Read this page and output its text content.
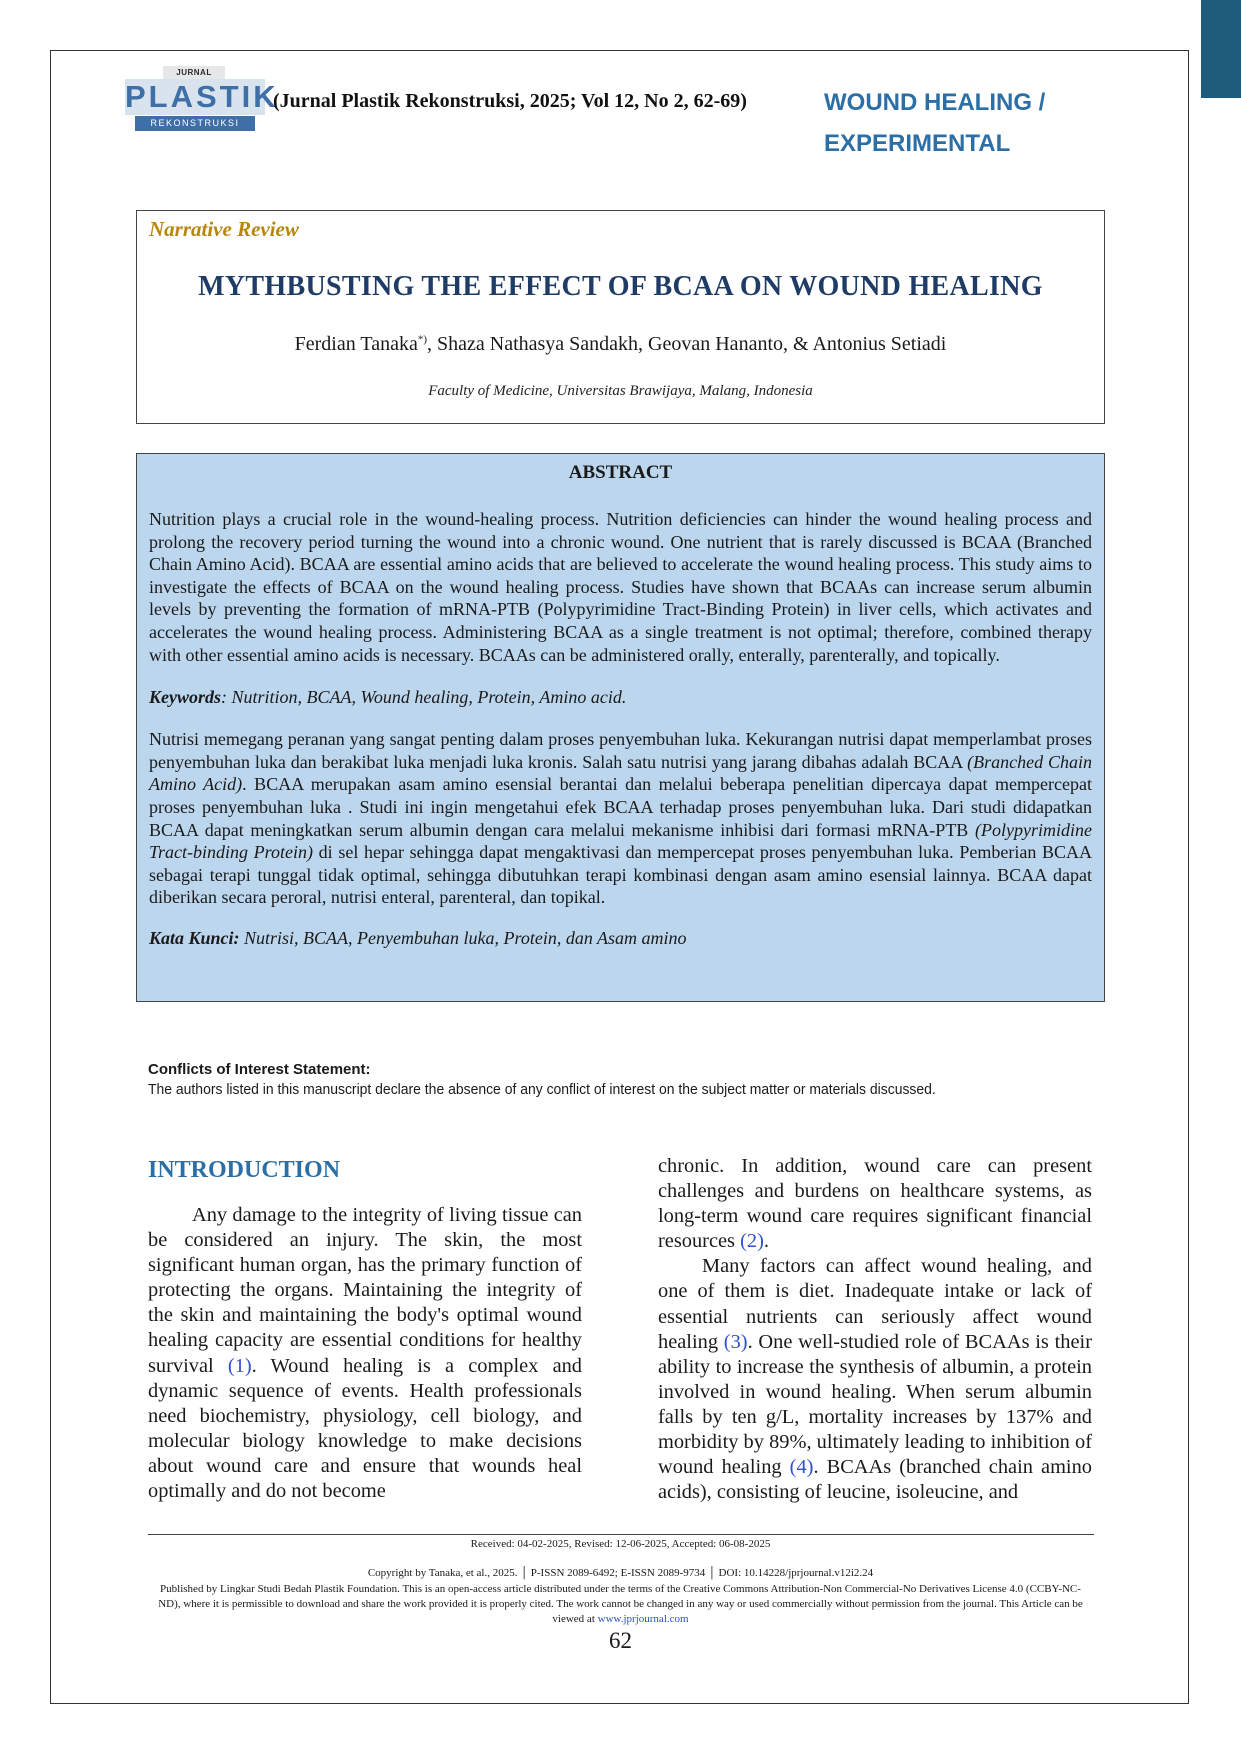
JURNAL
PLASTIK
REKONSTRUKSI
(Jurnal Plastik Rekonstruksi, 2025; Vol 12, No 2, 62-69)	WOUND HEALING /
EXPERIMENTAL
Narrative Review
MYTHBUSTING THE EFFECT OF BCAA ON WOUND HEALING
Ferdian Tanaka*), Shaza Nathasya Sandakh, Geovan Hananto, & Antonius Setiadi
Faculty of Medicine, Universitas Brawijaya, Malang, Indonesia
ABSTRACT

Nutrition plays a crucial role in the wound-healing process. Nutrition deficiencies can hinder the wound healing process and prolong the recovery period turning the wound into a chronic wound. One nutrient that is rarely discussed is BCAA (Branched Chain Amino Acid). BCAA are essential amino acids that are believed to accelerate the wound healing process. This study aims to investigate the effects of BCAA on the wound healing process. Studies have shown that BCAAs can increase serum albumin levels by preventing the formation of mRNA-PTB (Polypyrimidine Tract-Binding Protein) in liver cells, which activates and accelerates the wound healing process. Administering BCAA as a single treatment is not optimal; therefore, combined therapy with other essential amino acids is necessary. BCAAs can be administered orally, enterally, parenterally, and topically.

Keywords: Nutrition, BCAA, Wound healing, Protein, Amino acid.

Nutrisi memegang peranan yang sangat penting dalam proses penyembuhan luka. Kekurangan nutrisi dapat memperlambat proses penyembuhan luka dan berakibat luka menjadi luka kronis. Salah satu nutrisi yang jarang dibahas adalah BCAA (Branched Chain Amino Acid). BCAA merupakan asam amino esensial berantai dan melalui beberapa penelitian dipercaya dapat mempercepat proses penyembuhan luka . Studi ini ingin mengetahui efek BCAA terhadap proses penyembuhan luka. Dari studi didapatkan BCAA dapat meningkatkan serum albumin dengan cara melalui mekanisme inhibisi dari formasi mRNA-PTB (Polypyrimidine Tract-binding Protein) di sel hepar sehingga dapat mengaktivasi dan mempercepat proses penyembuhan luka. Pemberian BCAA sebagai terapi tunggal tidak optimal, sehingga dibutuhkan terapi kombinasi dengan asam amino esensial lainnya. BCAA dapat diberikan secara peroral, nutrisi enteral, parenteral, dan topikal.

Kata Kunci: Nutrisi, BCAA, Penyembuhan luka, Protein, dan Asam amino
Conflicts of Interest Statement:
The authors listed in this manuscript declare the absence of any conflict of interest on the subject matter or materials discussed.
INTRODUCTION

Any damage to the integrity of living tissue can be considered an injury. The skin, the most significant human organ, has the primary function of protecting the organs. Maintaining the integrity of the skin and maintaining the body's optimal wound healing capacity are essential conditions for healthy survival (1). Wound healing is a complex and dynamic sequence of events. Health professionals need biochemistry, physiology, cell biology, and molecular biology knowledge to make decisions about wound care and ensure that wounds heal optimally and do not become

chronic. In addition, wound care can present challenges and burdens on healthcare systems, as long-term wound care requires significant financial resources (2).

Many factors can affect wound healing, and one of them is diet. Inadequate intake or lack of essential nutrients can seriously affect wound healing (3). One well-studied role of BCAAs is their ability to increase the synthesis of albumin, a protein involved in wound healing. When serum albumin falls by ten g/L, mortality increases by 137% and morbidity by 89%, ultimately leading to inhibition of wound healing (4). BCAAs (branched chain amino acids), consisting of leucine, isoleucine, and

Received: 04-02-2025, Revised: 12-06-2025, Accepted: 06-08-2025
Copyright by Tanaka, et al., 2025. │ P-ISSN 2089-6492; E-ISSN 2089-9734 │ DOI: 10.14228/jprjournal.v12i2.24
Published by Lingkar Studi Bedah Plastik Foundation. This is an open-access article distributed under the terms of the Creative Commons Attribution-Non Commercial-No Derivatives License 4.0 (CCBY-NC-ND), where it is permissible to download and share the work provided it is properly cited. The work cannot be changed in any way or used commercially without permission from the journal. This Article can be viewed at www.jprjournal.com
62
